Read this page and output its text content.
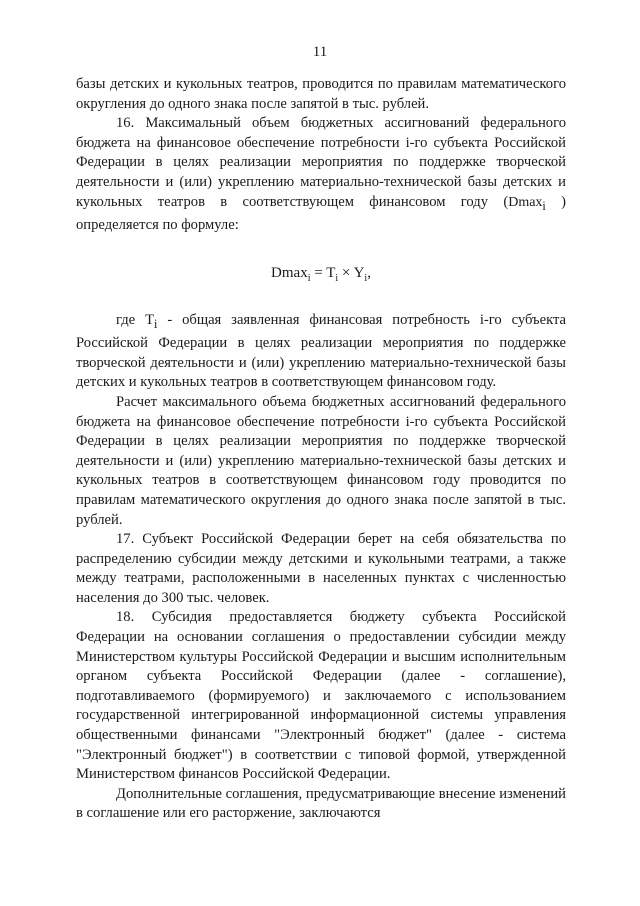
11

базы детских и кукольных театров, проводится по правилам математического округления до одного знака после запятой в тыс. рублей.

16. Максимальный объем бюджетных ассигнований федерального бюджета на финансовое обеспечение потребности i-го субъекта Российской Федерации в целях реализации мероприятия по поддержке творческой деятельности и (или) укреплению материально-технической базы детских и кукольных театров в соответствующем финансовом году (Dmax$_i$ ) определяется по формуле:

$Dmax_i = T_i \times Y_i$,

где $T_i$ - общая заявленная финансовая потребность i-го субъекта Российской Федерации в целях реализации мероприятия по поддержке творческой деятельности и (или) укреплению материально-технической базы детских и кукольных театров в соответствующем финансовом году.

Расчет максимального объема бюджетных ассигнований федерального бюджета на финансовое обеспечение потребности i-го субъекта Российской Федерации в целях реализации мероприятия по поддержке творческой деятельности и (или) укреплению материально-технической базы детских и кукольных театров в соответствующем финансовом году проводится по правилам математического округления до одного знака после запятой в тыс. рублей.

17. Субъект Российской Федерации берет на себя обязательства по распределению субсидии между детскими и кукольными театрами, а также между театрами, расположенными в населенных пунктах с численностью населения до 300 тыс. человек.

18. Субсидия предоставляется бюджету субъекта Российской Федерации на основании соглашения о предоставлении субсидии между Министерством культуры Российской Федерации и высшим исполнительным органом субъекта Российской Федерации (далее - соглашение), подготавливаемого (формируемого) и заключаемого с использованием государственной интегрированной информационной системы управления общественными финансами "Электронный бюджет" (далее - система "Электронный бюджет") в соответствии с типовой формой, утвержденной Министерством финансов Российской Федерации.

Дополнительные соглашения, предусматривающие внесение изменений в соглашение или его расторжение, заключаются
